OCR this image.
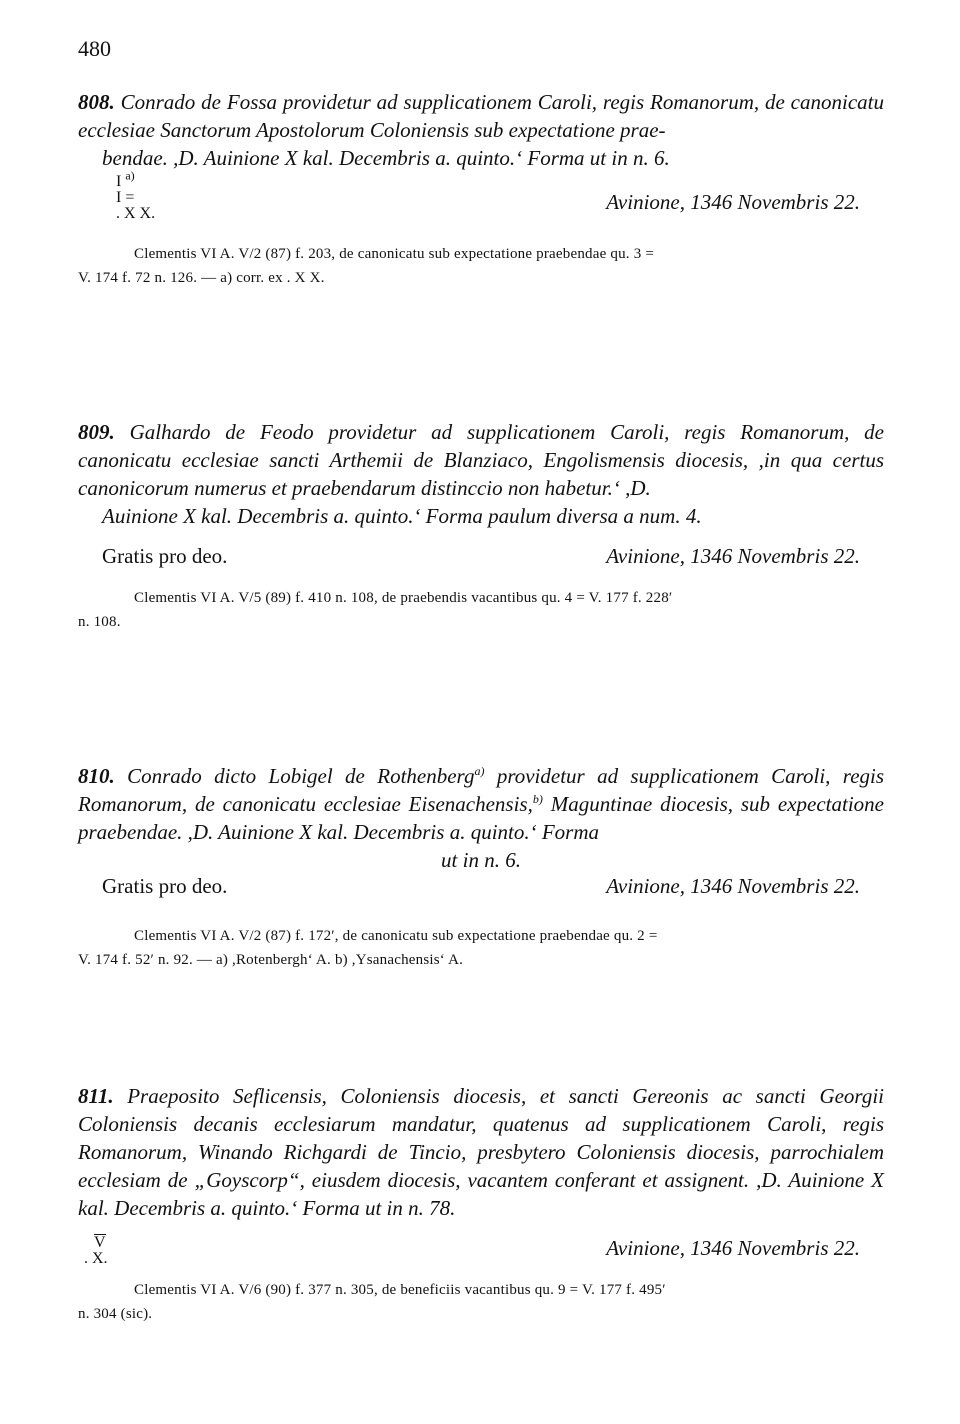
480
808. Conrado de Fossa providetur ad supplicationem Caroli, regis Romanorum, de canonicatu ecclesiae Sanctorum Apostolorum Coloniensis sub expectatione prae-
bendae. ,D. Auinione X kal. Decembris a. quinto.‘ Forma ut in n. 6.
I $^{a)}$
I =
. X X.	Avinione, 1346 Novembris 22.
Clementis VI A. V/2 (87) f. 203, de canonicatu sub expectatione praebendae qu. 3 =
V. 174 f. 72 n. 126. — a) corr. ex . X X.
809. Galhardo de Feodo providetur ad supplicationem Caroli, regis Romanorum, de canonicatu ecclesiae sancti Arthemii de Blanziaco, Engolismensis diocesis, ,in qua certus canonicorum numerus et praebendarum distinccio non habetur.‘ ,D.
Auinione X kal. Decembris a. quinto.‘ Forma paulum diversa a num. 4.
Gratis pro deo.	Avinione, 1346 Novembris 22.
Clementis VI A. V/5 (89) f. 410 n. 108, de praebendis vacantibus qu. 4 = V. 177 f. 228′
n. 108.
810. Conrado dicto Lobigel de Rothenberg$^{a)}$ providetur ad supplicationem Caroli, regis Romanorum, de canonicatu ecclesiae Eisenachensis,$^{b)}$ Maguntinae diocesis, sub expectatione praebendae. ,D. Auinione X kal. Decembris a. quinto.‘ Forma
ut in n. 6.
Gratis pro deo.	Avinione, 1346 Novembris 22.
Clementis VI A. V/2 (87) f. 172′, de canonicatu sub expectatione praebendae qu. 2 =
V. 174 f. 52′ n. 92. — a) ,Rotenbergh‘ A. b) ,Ysanachensis‘ A.
811. Praeposito Seflicensis, Coloniensis diocesis, et sancti Gereonis ac sancti Georgii Coloniensis decanis ecclesiarum mandatur, quatenus ad supplicationem Caroli, regis Romanorum, Winando Richgardi de Tincio, presbytero Coloniensis diocesis, parrochialem ecclesiam de „Goyscorp“, eiusdem diocesis, vacantem conferant et assignent. ,D. Auinione X kal. Decembris a. quinto.‘ Forma ut in n. 78.
V
. X.	Avinione, 1346 Novembris 22.
Clementis VI A. V/6 (90) f. 377 n. 305, de beneficiis vacantibus qu. 9 = V. 177 f. 495′
n. 304 (sic).
